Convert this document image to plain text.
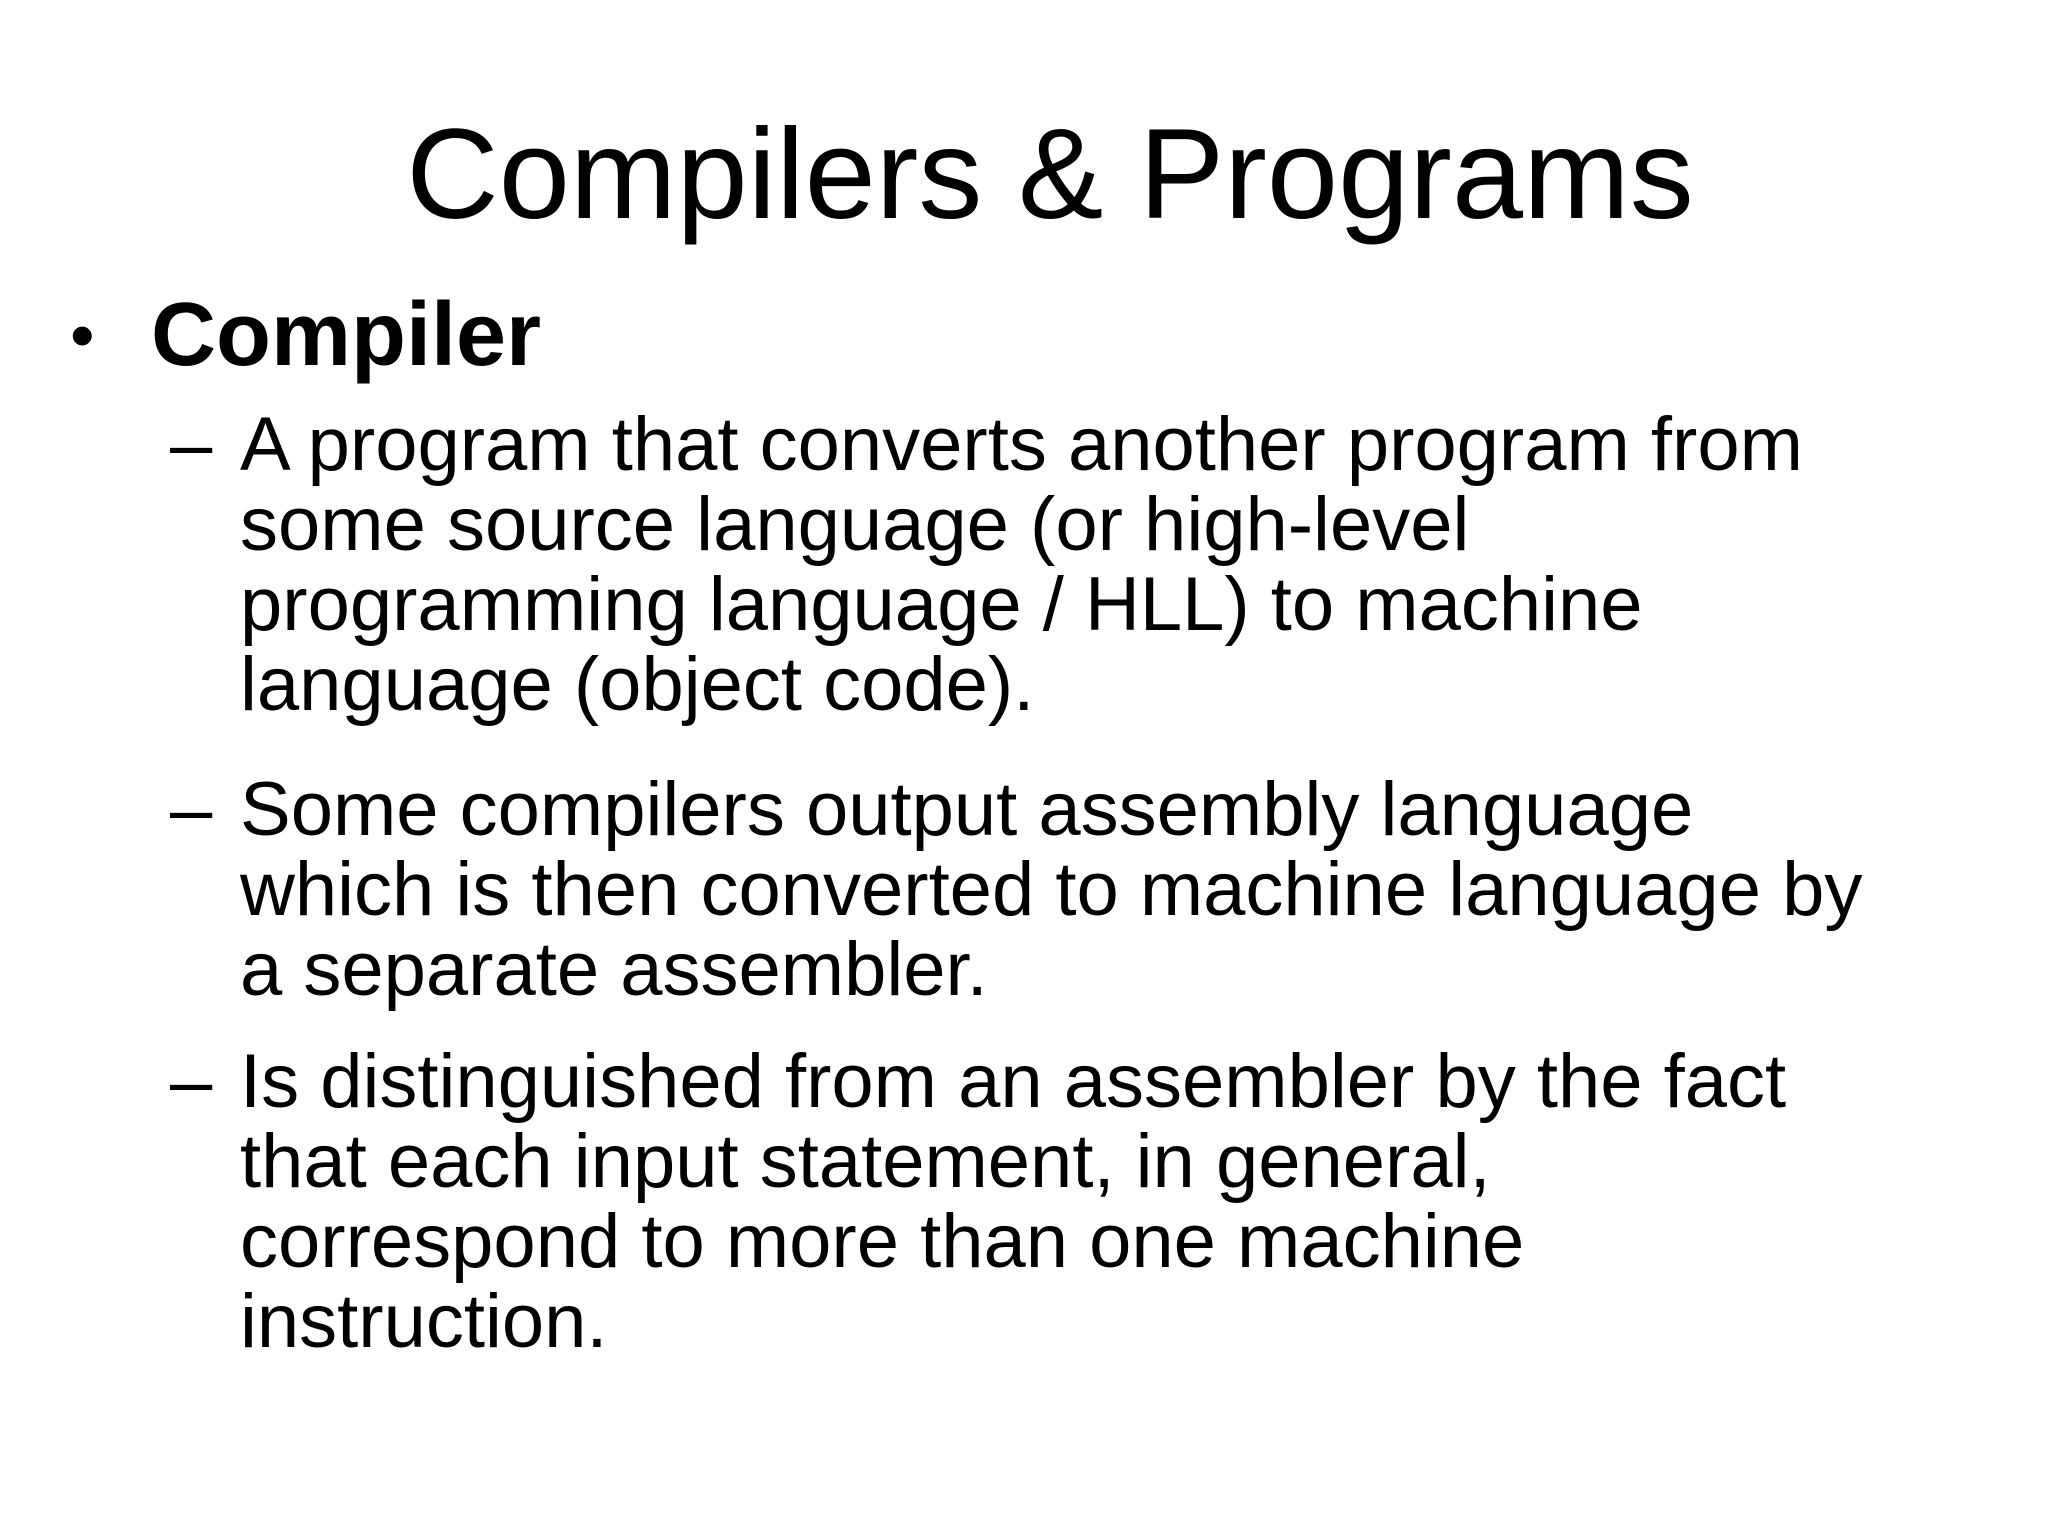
Compilers & Programs
• Compiler
– A program that converts another program from
some source language (or high-level
programming language / HLL) to machine
language (object code).
– Some compilers output assembly language
which is then converted to machine language by
a separate assembler.
– Is distinguished from an assembler by the fact
that each input statement, in general,
correspond to more than one machine
instruction.
